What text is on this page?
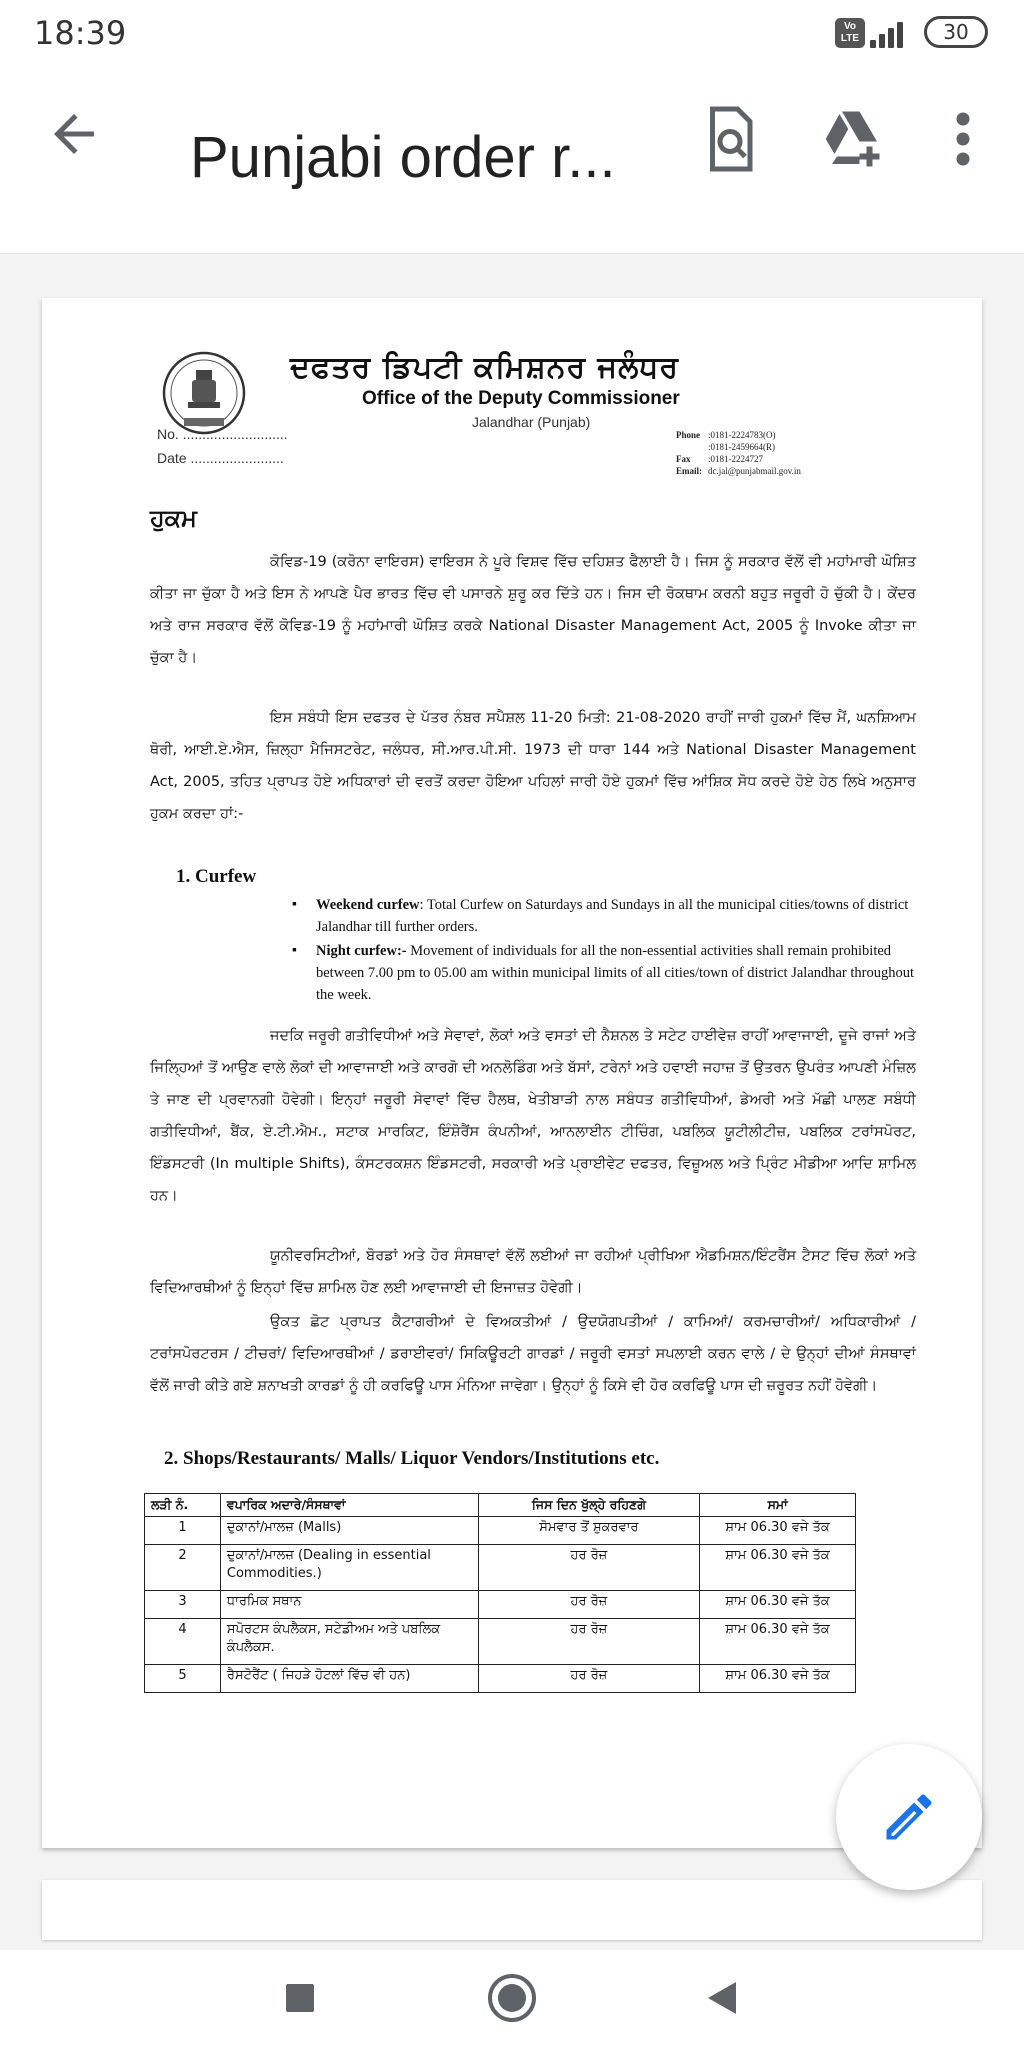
18:39	Vo LTE	30
Punjabi order r...
ਦਫਤਰ ਡਿਪਟੀ ਕਮਿਸ਼ਨਰ ਜਲੰਧਰ
Office of the Deputy Commissioner
Jalandhar (Punjab)
No. ...........................
Date ........................
Phone	:0181-2224783(O)
	:0181-2459664(R)
Fax	:0181-2224727
Email:	dc.jal@punjabmail.gov.in
ਹੁਕਮ

ਕੋਵਿਡ-19 (ਕਰੋਨਾ ਵਾਇਰਸ) ਵਾਇਰਸ ਨੇ ਪੂਰੇ ਵਿਸ਼ਵ ਵਿੱਚ ਦਹਿਸ਼ਤ ਫੈਲਾਈ ਹੈ। ਜਿਸ ਨੂੰ ਸਰਕਾਰ ਵੱਲੋਂ ਵੀ ਮਹਾਂਮਾਰੀ ਘੋਸ਼ਿਤ ਕੀਤਾ ਜਾ ਚੁੱਕਾ ਹੈ ਅਤੇ ਇਸ ਨੇ ਆਪਣੇ ਪੈਰ ਭਾਰਤ ਵਿੱਚ ਵੀ ਪਸਾਰਨੇ ਸ਼ੁਰੂ ਕਰ ਦਿੱਤੇ ਹਨ। ਜਿਸ ਦੀ ਰੋਕਥਾਮ ਕਰਨੀ ਬਹੁਤ ਜਰੂਰੀ ਹੋ ਚੁੱਕੀ ਹੈ। ਕੇਂਦਰ ਅਤੇ ਰਾਜ ਸਰਕਾਰ ਵੱਲੋਂ ਕੋਵਿਡ-19 ਨੂੰ ਮਹਾਂਮਾਰੀ ਘੋਸ਼ਿਤ ਕਰਕੇ National Disaster Management Act, 2005 ਨੂੰ Invoke ਕੀਤਾ ਜਾ ਚੁੱਕਾ ਹੈ।

ਇਸ ਸਬੰਧੀ ਇਸ ਦਫਤਰ ਦੇ ਪੱਤਰ ਨੰਬਰ ਸਪੈਸ਼ਲ 11-20 ਮਿਤੀ: 21-08-2020 ਰਾਹੀਂ ਜਾਰੀ ਹੁਕਮਾਂ ਵਿੱਚ ਮੈਂ, ਘਨਸ਼ਿਆਮ ਥੋਰੀ, ਆਈ.ਏ.ਐਸ, ਜ਼ਿਲ੍ਹਾ ਮੈਜਿਸਟਰੇਟ, ਜਲੰਧਰ, ਸੀ.ਆਰ.ਪੀ.ਸੀ. 1973 ਦੀ ਧਾਰਾ 144 ਅਤੇ National Disaster Management Act, 2005, ਤਹਿਤ ਪ੍ਰਾਪਤ ਹੋਏ ਅਧਿਕਾਰਾਂ ਦੀ ਵਰਤੋਂ ਕਰਦਾ ਹੋਇਆ ਪਹਿਲਾਂ ਜਾਰੀ ਹੋਏ ਹੁਕਮਾਂ ਵਿੱਚ ਆਂਸ਼ਿਕ ਸੋਧ ਕਰਦੇ ਹੋਏ ਹੇਠ ਲਿਖੇ ਅਨੁਸਾਰ ਹੁਕਮ ਕਰਦਾ ਹਾਂ:-

1. Curfew
▪ Weekend curfew: Total Curfew on Saturdays and Sundays in all the municipal cities/towns of district Jalandhar till further orders.
▪ Night curfew:- Movement of individuals for all the non-essential activities shall remain prohibited between 7.00 pm to 05.00 am within municipal limits of all cities/town of district Jalandhar throughout the week.

ਜਦਕਿ ਜਰੂਰੀ ਗਤੀਵਿਧੀਆਂ ਅਤੇ ਸੇਵਾਵਾਂ, ਲੋਕਾਂ ਅਤੇ ਵਸਤਾਂ ਦੀ ਨੈਸ਼ਨਲ ਤੇ ਸਟੇਟ ਹਾਈਵੇਜ਼ ਰਾਹੀਂ ਆਵਾਜਾਈ, ਦੂਜੇ ਰਾਜਾਂ ਅਤੇ ਜਿਲ੍ਹਿਆਂ ਤੋਂ ਆਉਣ ਵਾਲੇ ਲੋਕਾਂ ਦੀ ਆਵਾਜਾਈ ਅਤੇ ਕਾਰਗੋ ਦੀ ਅਨਲੋਡਿੰਗ ਅਤੇ ਬੱਸਾਂ, ਟਰੇਨਾਂ ਅਤੇ ਹਵਾਈ ਜਹਾਜ਼ ਤੋਂ ਉਤਰਨ ਉਪਰੰਤ ਆਪਣੀ ਮੰਜ਼ਿਲ ਤੇ ਜਾਣ ਦੀ ਪ੍ਰਵਾਨਗੀ ਹੋਵੇਗੀ। ਇਨ੍ਹਾਂ ਜਰੂਰੀ ਸੇਵਾਵਾਂ ਵਿੱਚ ਹੈਲਥ, ਖੇਤੀਬਾੜੀ ਨਾਲ ਸਬੰਧਤ ਗਤੀਵਿਧੀਆਂ, ਡੇਅਰੀ ਅਤੇ ਮੱਛੀ ਪਾਲਣ ਸਬੰਧੀ ਗਤੀਵਿਧੀਆਂ, ਬੈਂਕ, ਏ.ਟੀ.ਐਮ., ਸਟਾਕ ਮਾਰਕਿਟ, ਇੰਸ਼ੋਰੈਂਸ ਕੰਪਨੀਆਂ, ਆਨਲਾਈਨ ਟੀਚਿੰਗ, ਪਬਲਿਕ ਯੂਟੀਲੀਟੀਜ਼, ਪਬਲਿਕ ਟਰਾਂਸਪੋਰਟ, ਇੰਡਸਟਰੀ (In multiple Shifts), ਕੰਸਟਰਕਸ਼ਨ ਇੰਡਸਟਰੀ, ਸਰਕਾਰੀ ਅਤੇ ਪ੍ਰਾਈਵੇਟ ਦਫਤਰ, ਵਿਜ਼ੂਅਲ ਅਤੇ ਪ੍ਰਿੰਟ ਮੀਡੀਆ ਆਦਿ ਸ਼ਾਮਿਲ ਹਨ।

ਯੂਨੀਵਰਸਿਟੀਆਂ, ਬੋਰਡਾਂ ਅਤੇ ਹੋਰ ਸੰਸਥਾਵਾਂ ਵੱਲੋਂ ਲਈਆਂ ਜਾ ਰਹੀਆਂ ਪ੍ਰੀਖਿਆ ਐਡਮਿਸ਼ਨ/ਇੰਟਰੈਂਸ ਟੈਸਟ ਵਿੱਚ ਲੋਕਾਂ ਅਤੇ ਵਿਦਿਆਰਥੀਆਂ ਨੂੰ ਇਨ੍ਹਾਂ ਵਿੱਚ ਸ਼ਾਮਿਲ ਹੋਣ ਲਈ ਆਵਾਜਾਈ ਦੀ ਇਜਾਜ਼ਤ ਹੋਵੇਗੀ।

ਉਕਤ ਛੋਟ ਪ੍ਰਾਪਤ ਕੈਟਾਗਰੀਆਂ ਦੇ ਵਿਅਕਤੀਆਂ / ਉਦਯੋਗਪਤੀਆਂ / ਕਾਮਿਆਂ/ ਕਰਮਚਾਰੀਆਂ/ ਅਧਿਕਾਰੀਆਂ / ਟਰਾਂਸਪੋਰਟਰਸ / ਟੀਚਰਾਂ/ ਵਿਦਿਆਰਥੀਆਂ / ਡਰਾਈਵਰਾਂ/ ਸਿਕਿਊਰਟੀ ਗਾਰਡਾਂ / ਜਰੂਰੀ ਵਸਤਾਂ ਸਪਲਾਈ ਕਰਨ ਵਾਲੇ / ਦੇ ਉਨ੍ਹਾਂ ਦੀਆਂ ਸੰਸਥਾਵਾਂ ਵੱਲੋਂ ਜਾਰੀ ਕੀਤੇ ਗਏ ਸ਼ਨਾਖਤੀ ਕਾਰਡਾਂ ਨੂੰ ਹੀ ਕਰਫਿਊ ਪਾਸ ਮੰਨਿਆ ਜਾਵੇਗਾ। ਉਨ੍ਹਾਂ ਨੂੰ ਕਿਸੇ ਵੀ ਹੋਰ ਕਰਫਿਊ ਪਾਸ ਦੀ ਜ਼ਰੂਰਤ ਨਹੀਂ ਹੋਵੇਗੀ।

2. Shops/Restaurants/ Malls/ Liquor Vendors/Institutions etc.
ਲੜੀ ਨੰ.	ਵਪਾਰਿਕ ਅਦਾਰੇ/ਸੰਸਥਾਵਾਂ	ਜਿਸ ਦਿਨ ਖੁੱਲ੍ਹੇ ਰਹਿਣਗੇ	ਸਮਾਂ
1	ਦੁਕਾਨਾਂ/ਮਾਲਜ਼ (Malls)	ਸੋਮਵਾਰ ਤੋਂ ਸ਼ੁਕਰਵਾਰ	ਸ਼ਾਮ 06.30 ਵਜੇ ਤੱਕ
2	ਦੁਕਾਨਾਂ/ਮਾਲਜ਼ (Dealing in essential Commodities.)	ਹਰ ਰੋਜ਼	ਸ਼ਾਮ 06.30 ਵਜੇ ਤੱਕ
3	ਧਾਰਮਿਕ ਸਥਾਨ	ਹਰ ਰੋਜ਼	ਸ਼ਾਮ 06.30 ਵਜੇ ਤੱਕ
4	ਸਪੋਰਟਸ ਕੰਪਲੈਕਸ, ਸਟੇਡੀਅਮ ਅਤੇ ਪਬਲਿਕ ਕੰਪਲੈਕਸ.	ਹਰ ਰੋਜ਼	ਸ਼ਾਮ 06.30 ਵਜੇ ਤੱਕ
5	ਰੈਸਟੋਰੈਂਟ ( ਜਿਹੜੇ ਹੋਟਲਾਂ ਵਿੱਚ ਵੀ ਹਨ)	ਹਰ ਰੋਜ਼	ਸ਼ਾਮ 06.30 ਵਜੇ ਤੱਕ
